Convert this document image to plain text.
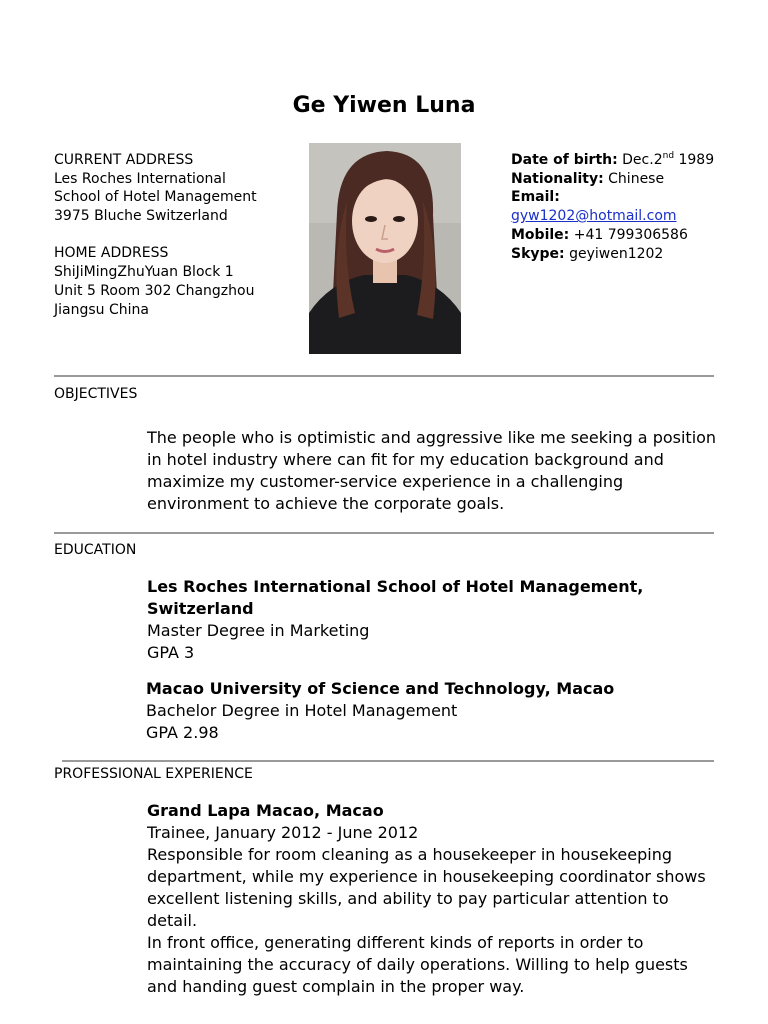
Ge Yiwen Luna
CURRENT ADDRESS
Les Roches International
School of Hotel Management
3975 Bluche Switzerland
HOME ADDRESS
ShiJiMingZhuYuan Block 1
Unit 5 Room 302 Changzhou
Jiangsu China
Date of birth: Dec.2nd 1989
Nationality: Chinese
Email:
gyw1202@hotmail.com
Mobile: +41 799306586
Skype: geyiwen1202
OBJECTIVES
The people who is optimistic and aggressive like me seeking a position
in hotel industry where can fit for my education background and
maximize my customer-service experience in a challenging
environment to achieve the corporate goals.
EDUCATION
Les Roches International School of Hotel Management,
Switzerland
Master Degree in Marketing
GPA 3
Macao University of Science and Technology, Macao
Bachelor Degree in Hotel Management
GPA 2.98
PROFESSIONAL EXPERIENCE
Grand Lapa Macao, Macao
Trainee, January 2012 - June 2012
Responsible for room cleaning as a housekeeper in housekeeping
department, while my experience in housekeeping coordinator shows
excellent listening skills, and ability to pay particular attention to
detail.
In front office, generating different kinds of reports in order to
maintaining the accuracy of daily operations. Willing to help guests
and handing guest complain in the proper way.
